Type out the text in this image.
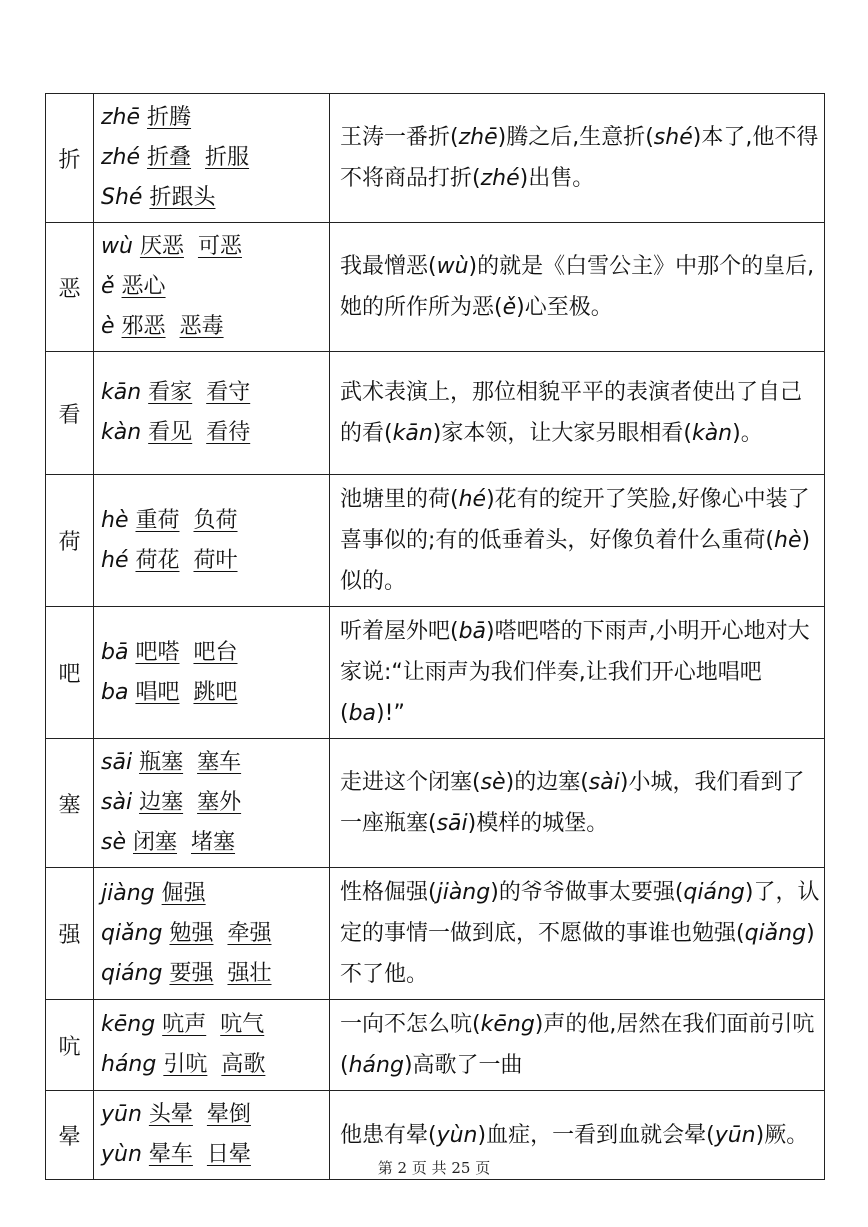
折	zhē 折腾
zhé 折叠 折服
Shé 折跟头	王涛一番折(zhē)腾之后,生意折(shé)本了,他不得不将商品打折(zhé)出售。
恶	wù 厌恶 可恶
ě 恶心
è 邪恶 恶毒	我最憎恶(wù)的就是《白雪公主》中那个的皇后,她的所作所为恶(ě)心至极。
看	kān 看家 看守
kàn 看见 看待	武术表演上，那位相貌平平的表演者使出了自己的看(kān)家本领，让大家另眼相看(kàn)。
荷	hè 重荷 负荷
hé 荷花 荷叶	池塘里的荷(hé)花有的绽开了笑脸,好像心中装了喜事似的;有的低垂着头，好像负着什么重荷(hè)似的。
吧	bā 吧嗒 吧台
ba 唱吧 跳吧	听着屋外吧(bā)嗒吧嗒的下雨声,小明开心地对大家说:“让雨声为我们伴奏,让我们开心地唱吧(ba)!”
塞	sāi 瓶塞 塞车
sài 边塞 塞外
sè 闭塞 堵塞	走进这个闭塞(sè)的边塞(sài)小城，我们看到了一座瓶塞(sāi)模样的城堡。
强	jiàng 倔强
qiǎng 勉强 牵强
qiáng 要强 强壮	性格倔强(jiàng)的爷爷做事太要强(qiáng)了，认定的事情一做到底，不愿做的事谁也勉强(qiǎng)不了他。
吭	kēng 吭声 吭气
háng 引吭 高歌	一向不怎么吭(kēng)声的他,居然在我们面前引吭(háng)高歌了一曲
晕	yūn 头晕 晕倒
yùn 晕车 日晕	他患有晕(yùn)血症，一看到血就会晕(yūn)厥。
第 2 页 共 25 页
